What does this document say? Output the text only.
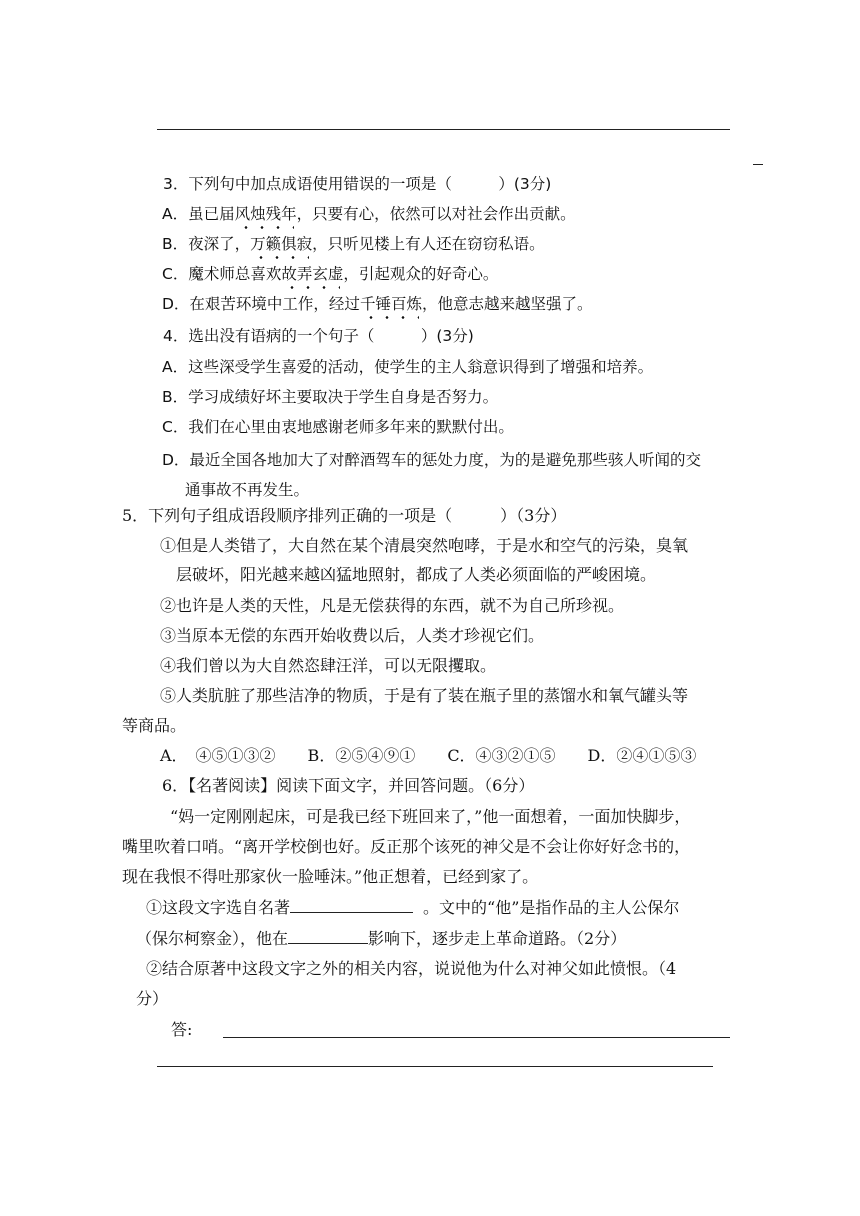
3．下列句中加点成语使用错误的一项是（　　　）(3分)
A．虽已届风烛残年，只要有心，依然可以对社会作出贡献。
B．夜深了，万籁俱寂，只听见楼上有人还在窃窃私语。
C．魔术师总喜欢故弄玄虚，引起观众的好奇心。
D．在艰苦环境中工作，经过千锤百炼，他意志越来越坚强了。
4．选出没有语病的一个句子（　　　）(3分)
A．这些深受学生喜爱的活动，使学生的主人翁意识得到了增强和培养。
B．学习成绩好坏主要取决于学生自身是否努力。
C．我们在心里由衷地感谢老师多年来的默默付出。
D．最近全国各地加大了对醉酒驾车的惩处力度，为的是避免那些骇人听闻的交
通事故不再发生。
5．下列句子组成语段顺序排列正确的一项是（　　　）（3分）
①但是人类错了，大自然在某个清晨突然咆哮，于是水和空气的污染，臭氧
层破坏，阳光越来越凶猛地照射，都成了人类必须面临的严峻困境。
②也许是人类的天性，凡是无偿获得的东西，就不为自己所珍视。
③当原本无偿的东西开始收费以后，人类才珍视它们。
④我们曾以为大自然恣肆汪洋，可以无限攫取。
⑤人类肮脏了那些洁净的物质，于是有了装在瓶子里的蒸馏水和氧气罐头等
等商品。
A．　④⑤①③②　　B．②⑤④⑨①　　C．④③②①⑤　　D．②④①⑤③
6．【名著阅读】阅读下面文字，并回答问题。（6分）
“妈一定刚刚起床，可是我已经下班回来了，”他一面想着，一面加快脚步，
嘴里吹着口哨。“离开学校倒也好。反正那个该死的神父是不会让你好好念书的，
现在我恨不得吐那家伙一脸唾沫。”他正想着，已经到家了。
①这段文字选自名著	。文中的“他”是指作品的主人公保尔
（保尔柯察金），他在	影响下，逐步走上革命道路。（2分）
②结合原著中这段文字之外的相关内容，说说他为什么对神父如此愤恨。（4
分）
答:
